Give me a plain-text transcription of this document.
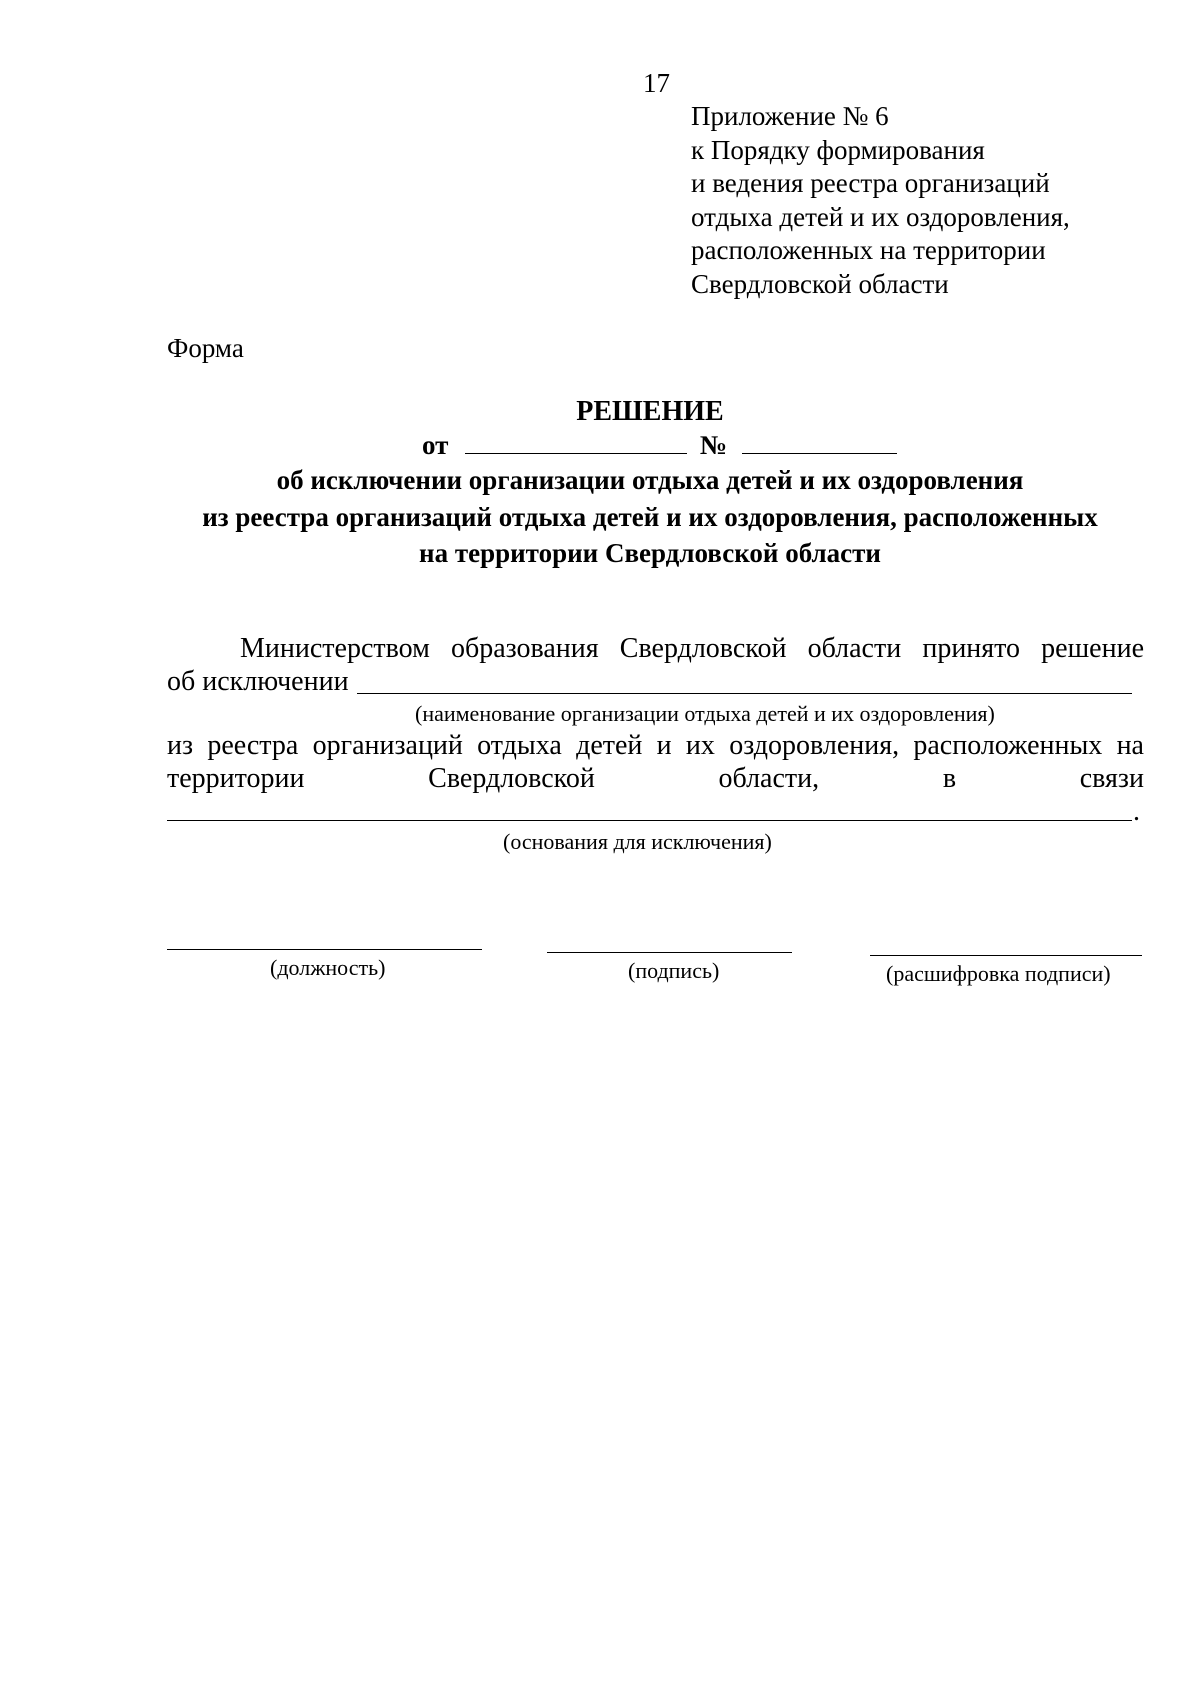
17
Приложение № 6
к Порядку формирования
и ведения реестра организаций
отдыха детей и их оздоровления,
расположенных на территории
Свердловской области
Форма
РЕШЕНИЕ
от	№
об исключении организации отдыха детей и их оздоровления
из реестра организаций отдыха детей и их оздоровления, расположенных
на территории Свердловской области
Министерством образования Свердловской области принято решение
об исключении
(наименование организации отдыха детей и их оздоровления)
из реестра организаций отдыха детей и их оздоровления, расположенных на
территории	Свердловской	области,	в	связи
.
(основания для исключения)
(должность)	(подпись)	(расшифровка подписи)
